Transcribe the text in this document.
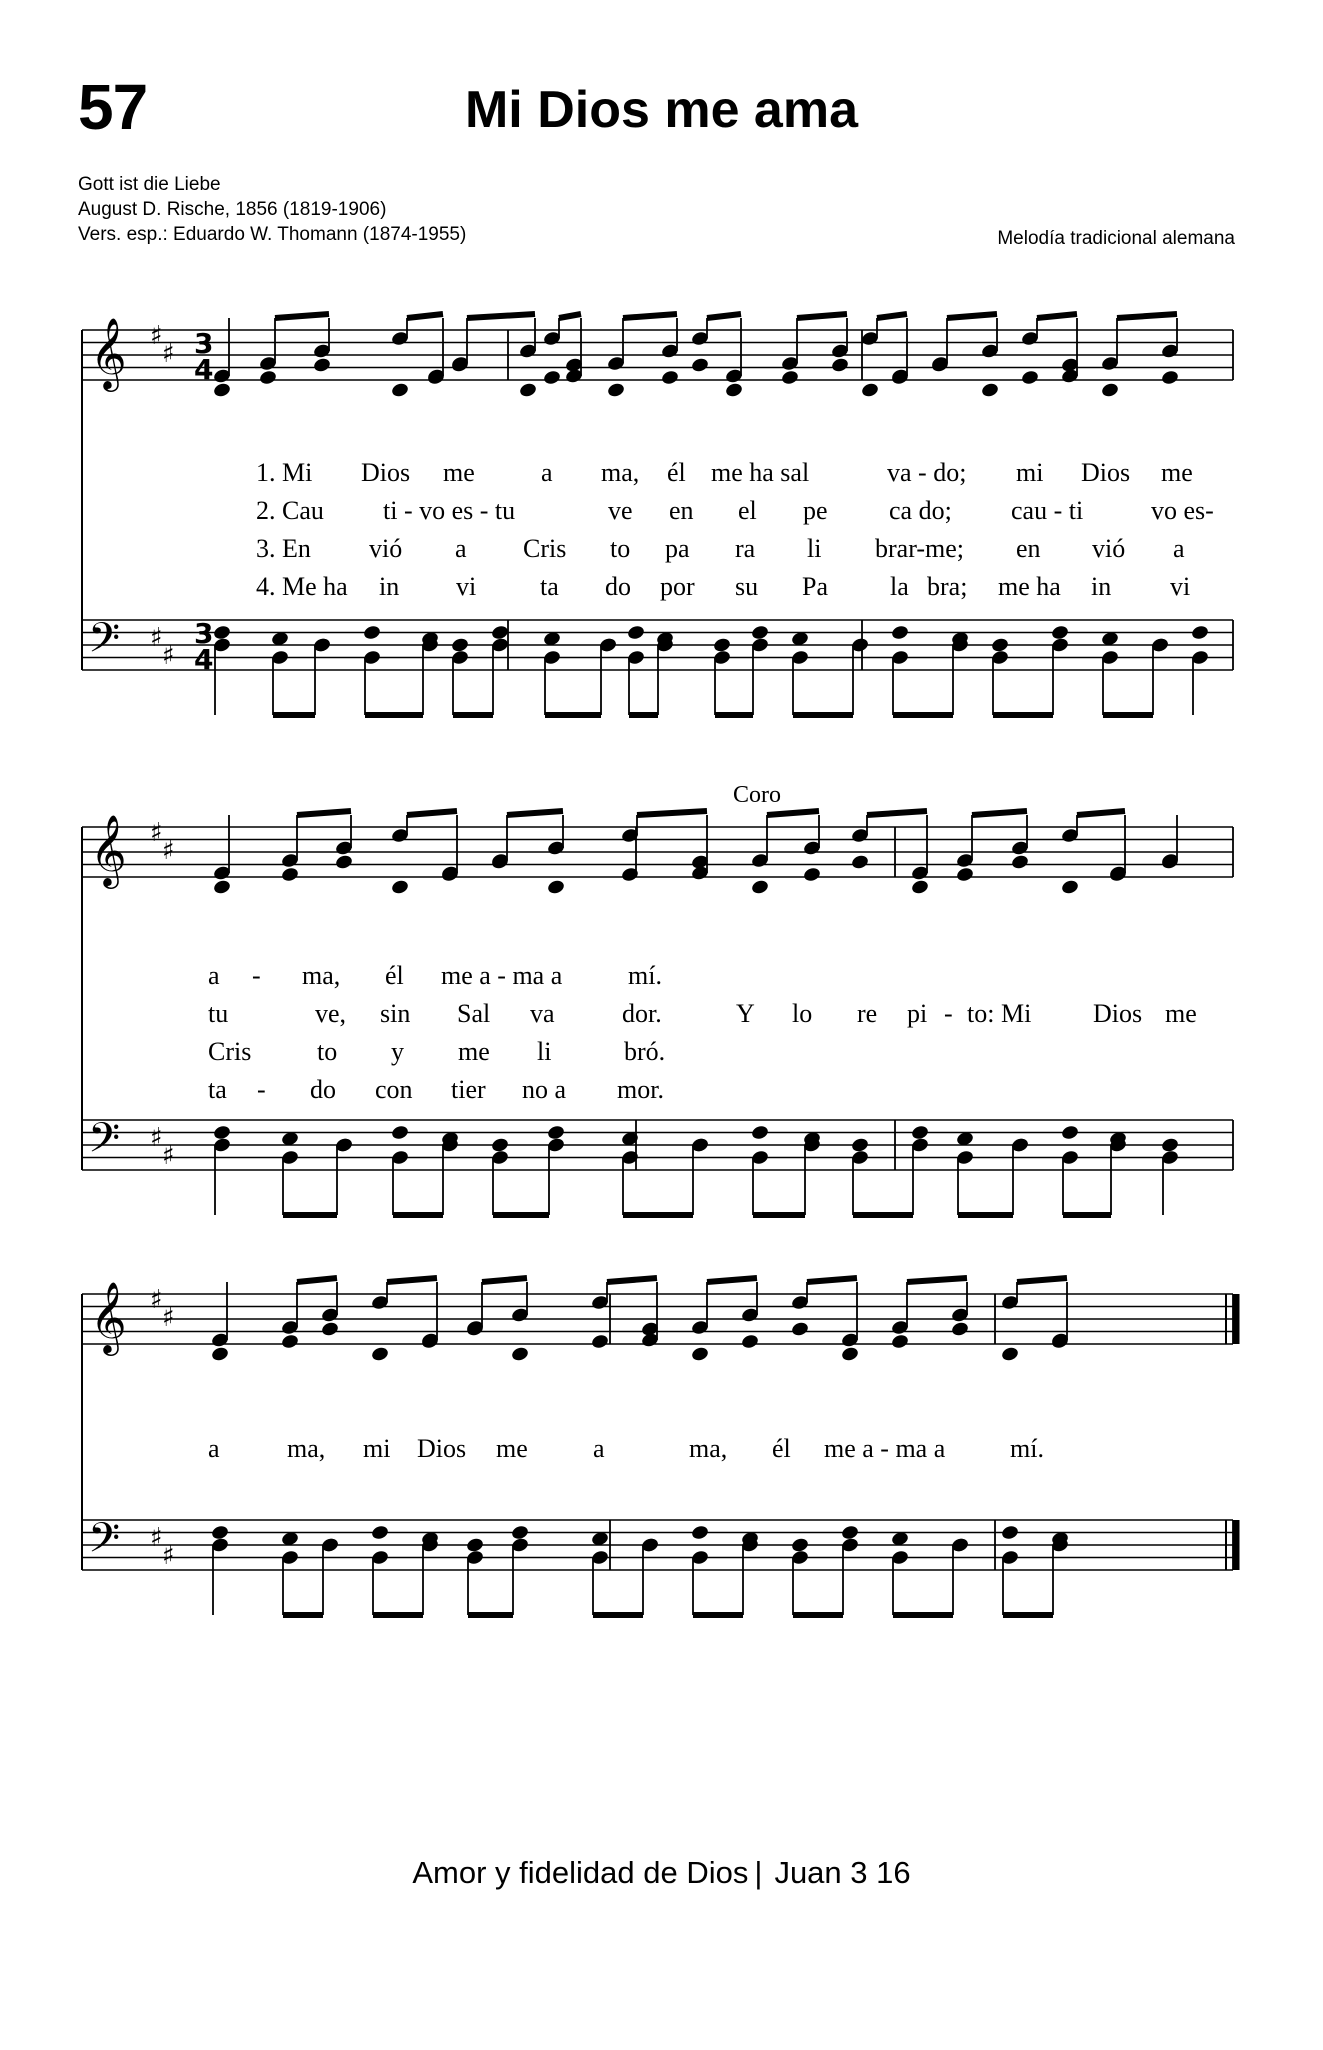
57	Mi Dios me ama
Gott ist die Liebe
August D. Rische, 1856 (1819-1906)
Vers. esp.: Eduardo W. Thomann (1874-1955)	Melodía tradicional alemana
𝄞
𝄢
♯
♯
♯
♯
3
4
3
4
𝄞
𝄢
♯
♯
♯
♯
𝄞
𝄢
♯
♯
♯
♯
Coro

1. Mi Dios me	a ma, él me ha sal	va - do; mi Dios me

2. Cau ti - vo es - tu	ve en el pe ca do; cau - ti	vo es-

3. En vió a Cris to pa ra li brar-me; en vió a

4. Me ha in vi ta do por su Pa la bra; me ha in vi

a - ma, él me a - ma a	mí.

tu	ve, sin Sal va	dor.	Y lo re pi - to: Mi Dios me

Cris	to y me li	bró.

ta - do con tier no a mor.

a	ma, mi Dios me	a	ma, él me a - ma a mí.

Amor y fidelidad de Dios | Juan 3 16
